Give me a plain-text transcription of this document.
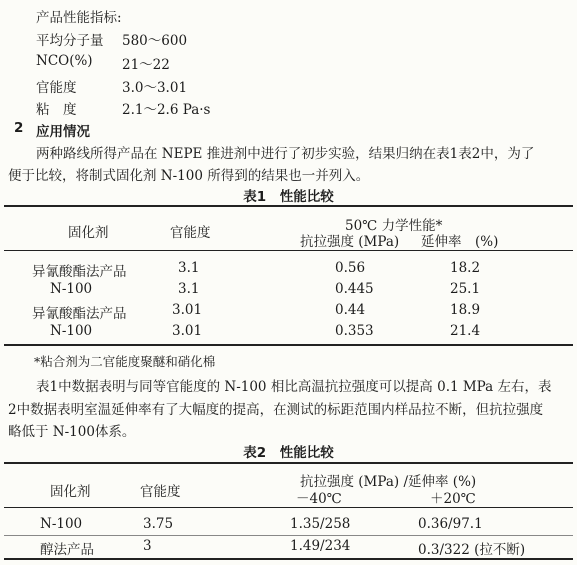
产品性能指标:
平均分子量 580～600
NCO(%) 21～22
官能度	3.0～3.01
粘　度	2.1～2.6 Pa·s
2 应用情况
两种路线所得产品在 NEPE 推进剂中进行了初步实验，结果归纳在表1表2中，为了
便于比较，将制式固化剂 N-100 所得到的结果也一并列入。
表1　性能比较
固化剂	官能度	50℃ 力学性能*
抗拉强度 (MPa) 延伸率　(%)
异氰酸酯法产品	3.1	0.56	18.2
N-100	3.1	0.445	25.1
异氰酸酯法产品	3.01	0.44	18.9
N-100	3.01	0.353	21.4
*粘合剂为二官能度聚醚和硝化棉
表1中数据表明与同等官能度的 N-100 相比高温抗拉强度可以提高 0.1 MPa 左右，表
2中数据表明室温延伸率有了大幅度的提高，在测试的标距范围内样品拉不断，但抗拉强度
略低于 N-100体系。
表2　性能比较
固化剂	官能度
抗拉强度 (MPa) /延伸率 (%)
－40℃	＋20℃
N-100	3.75	1.35/258	0.36/97.1
醇法产品	3	1.49/234	0.3/322 (拉不断)
